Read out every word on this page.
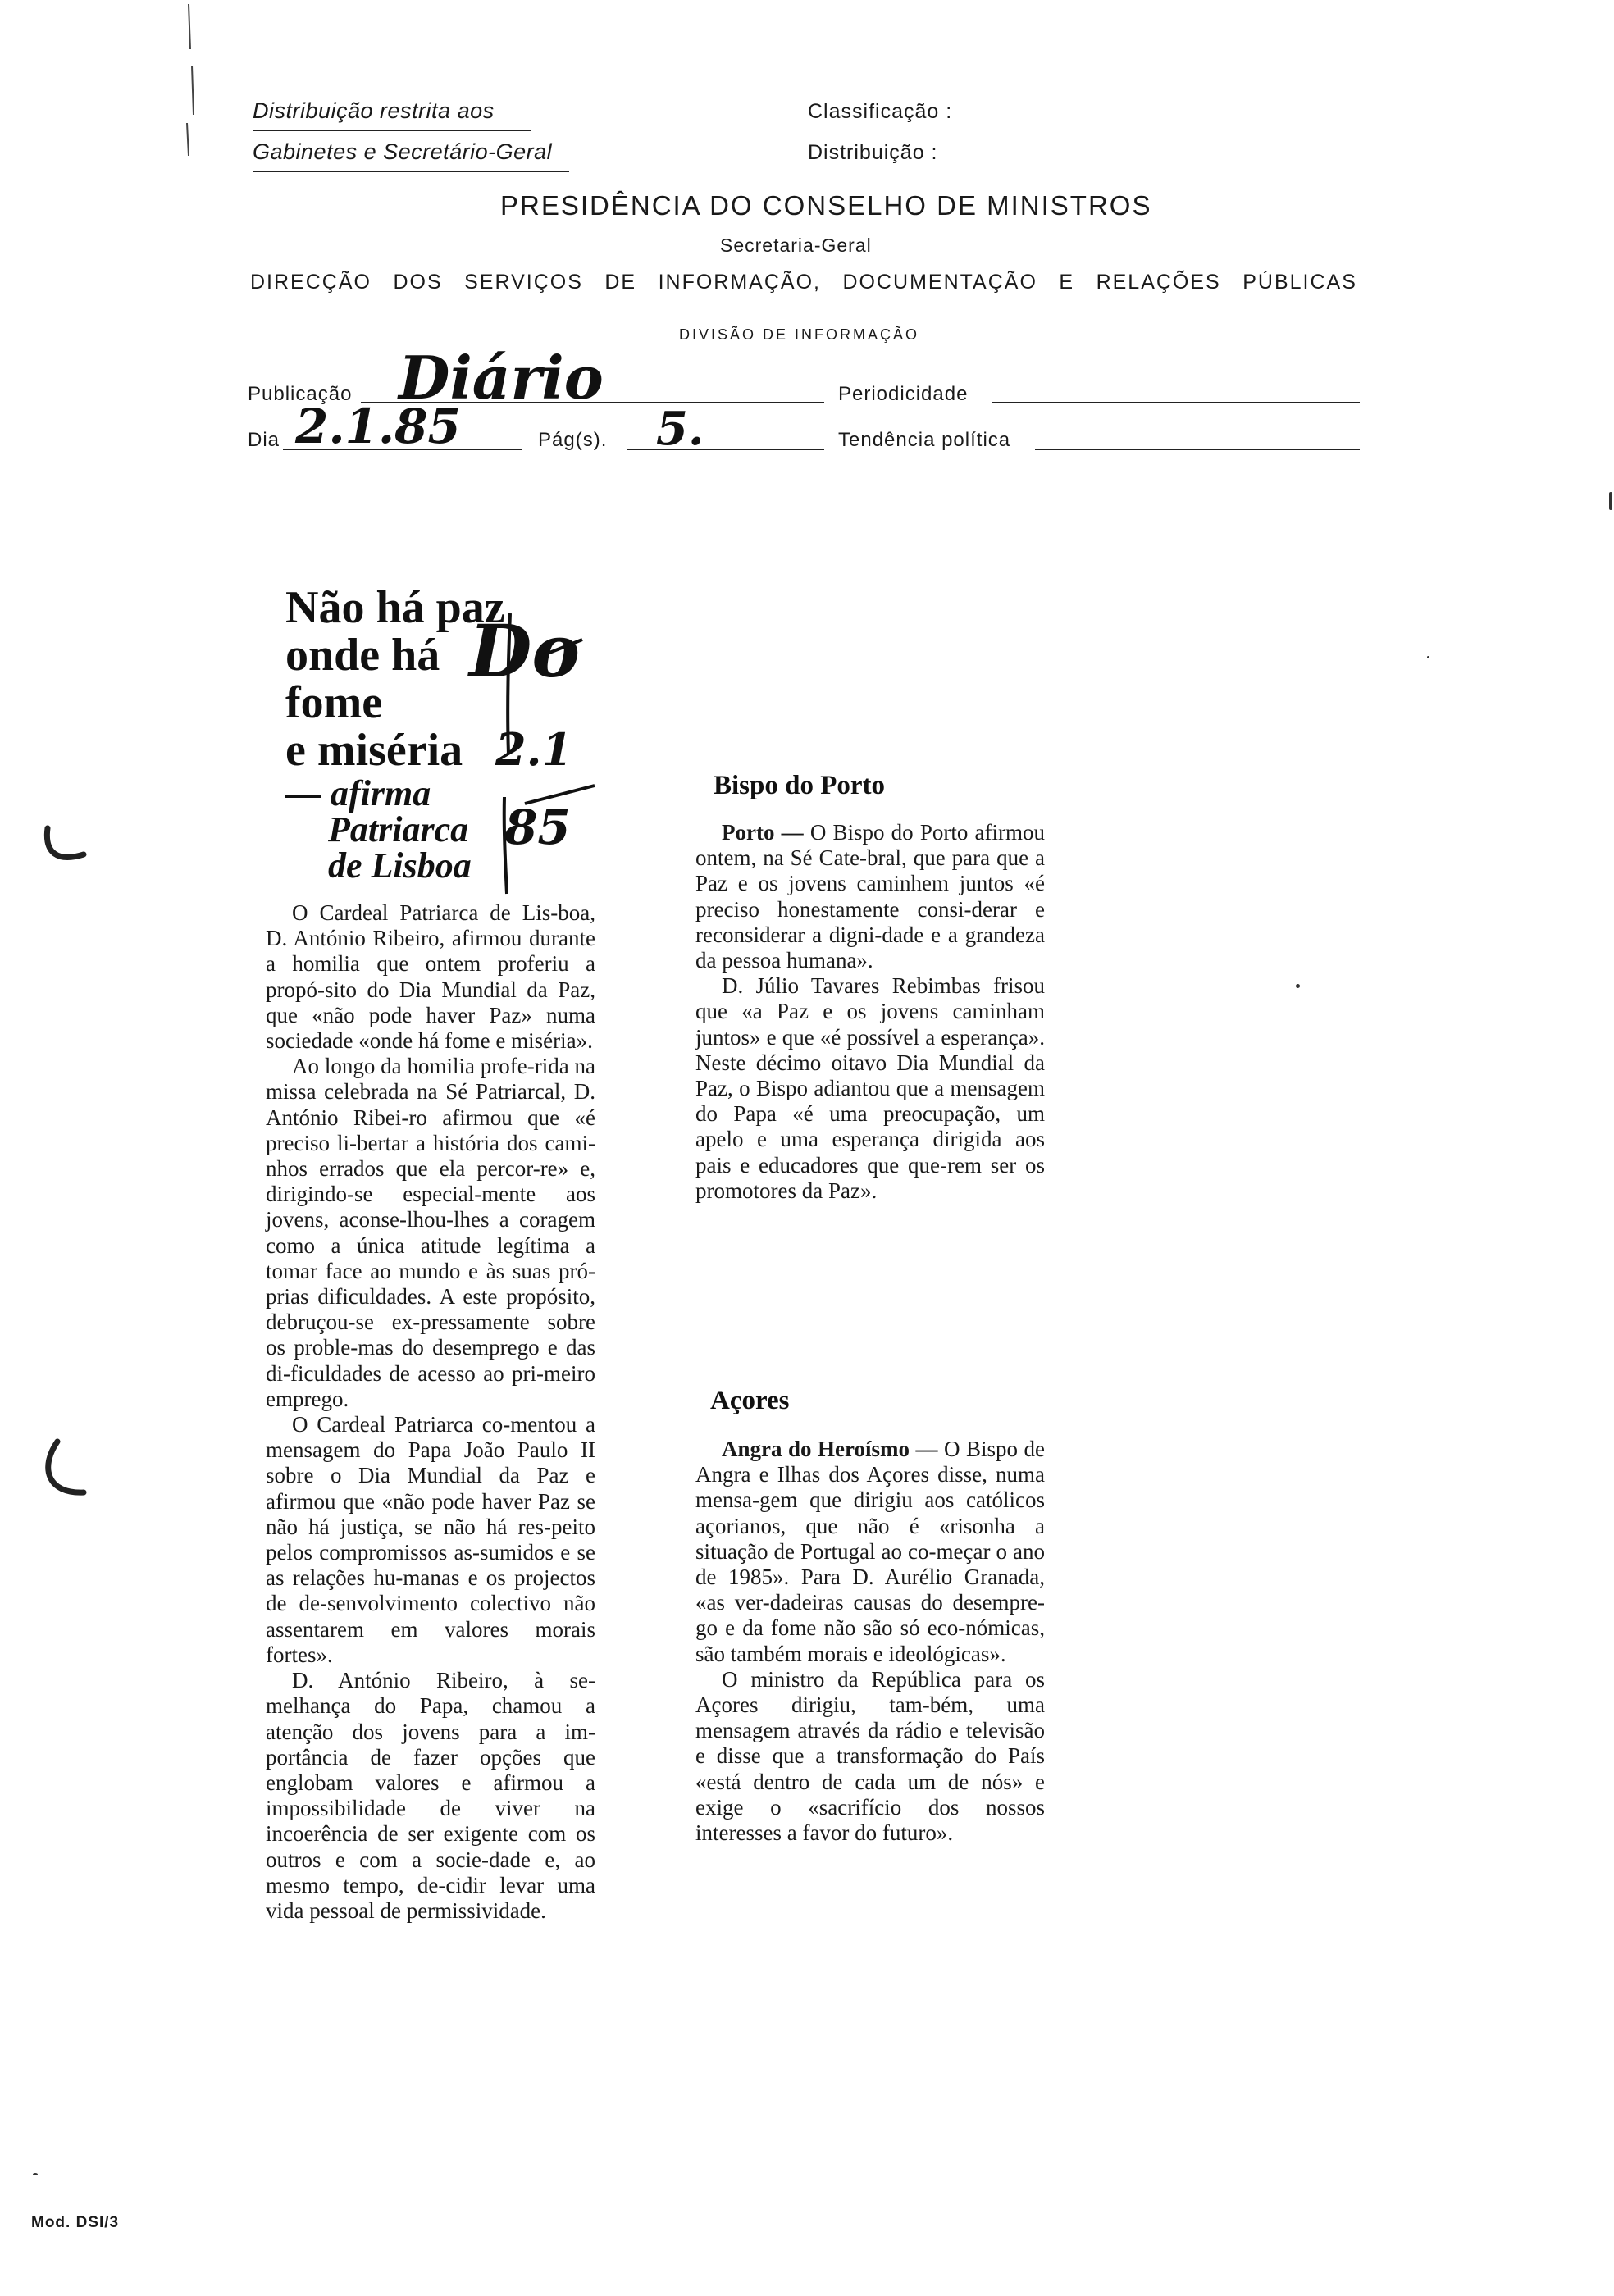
Distribuição restrita aos
Gabinetes e Secretário-Geral
Classificação :
Distribuição :
PRESIDÊNCIA DO CONSELHO DE MINISTROS
Secretaria-Geral
DIRECÇÃO DOS SERVIÇOS DE INFORMAÇÃO, DOCUMENTAÇÃO E RELAÇÕES PÚBLICAS
DIVISÃO DE INFORMAÇÃO
Publicação Diário	Periodicidade
Dia 2.1.85	Pág(s). 5.	Tendência política
Não há paz
onde há
fome
e miséria
— afirma
Patriarca
de Lisboa
Do
2.1
85

O Cardeal Patriarca de Lis-boa, D. António Ribeiro, afirmou durante a homilia que ontem proferiu a propó-sito do Dia Mundial da Paz, que «não pode haver Paz» numa sociedade «onde há fome e miséria».

Ao longo da homilia profe-rida na missa celebrada na Sé Patriarcal, D. António Ribei-ro afirmou que «é preciso li-bertar a história dos cami-nhos errados que ela percor-re» e, dirigindo-se especial-mente aos jovens, aconse-lhou-lhes a coragem como a única atitude legítima a tomar face ao mundo e às suas pró-prias dificuldades. A este propósito, debruçou-se ex-pressamente sobre os proble-mas do desemprego e das di-ficuldades de acesso ao pri-meiro emprego.

O Cardeal Patriarca co-mentou a mensagem do Papa João Paulo II sobre o Dia Mundial da Paz e afirmou que «não pode haver Paz se não há justiça, se não há res-peito pelos compromissos as-sumidos e se as relações hu-manas e os projectos de de-senvolvimento colectivo não assentarem em valores morais fortes».

D. António Ribeiro, à se-melhança do Papa, chamou a atenção dos jovens para a im-portância de fazer opções que englobam valores e afirmou a impossibilidade de viver na incoerência de ser exigente com os outros e com a socie-dade e, ao mesmo tempo, de-cidir levar uma vida pessoal de permissividade.

Bispo do Porto

Porto — O Bispo do Porto afirmou ontem, na Sé Cate-bral, que para que a Paz e os jovens caminhem juntos «é preciso honestamente consi-derar e reconsiderar a digni-dade e a grandeza da pessoa humana».

D. Júlio Tavares Rebimbas frisou que «a Paz e os jovens caminham juntos» e que «é possível a esperança». Neste décimo oitavo Dia Mundial da Paz, o Bispo adiantou que a mensagem do Papa «é uma preocupação, um apelo e uma esperança dirigida aos pais e educadores que que-rem ser os promotores da Paz».

Açores

Angra do Heroísmo — O Bispo de Angra e Ilhas dos Açores disse, numa mensa-gem que dirigiu aos católicos açorianos, que não é «risonha a situação de Portugal ao co-meçar o ano de 1985». Para D. Aurélio Granada, «as ver-dadeiras causas do desempre-go e da fome não são só eco-nómicas, são também morais e ideológicas».

O ministro da República para os Açores dirigiu, tam-bém, uma mensagem através da rádio e televisão e disse que a transformação do País «está dentro de cada um de nós» e exige o «sacrifício dos nossos interesses a favor do futuro».

Mod. DSI/3
